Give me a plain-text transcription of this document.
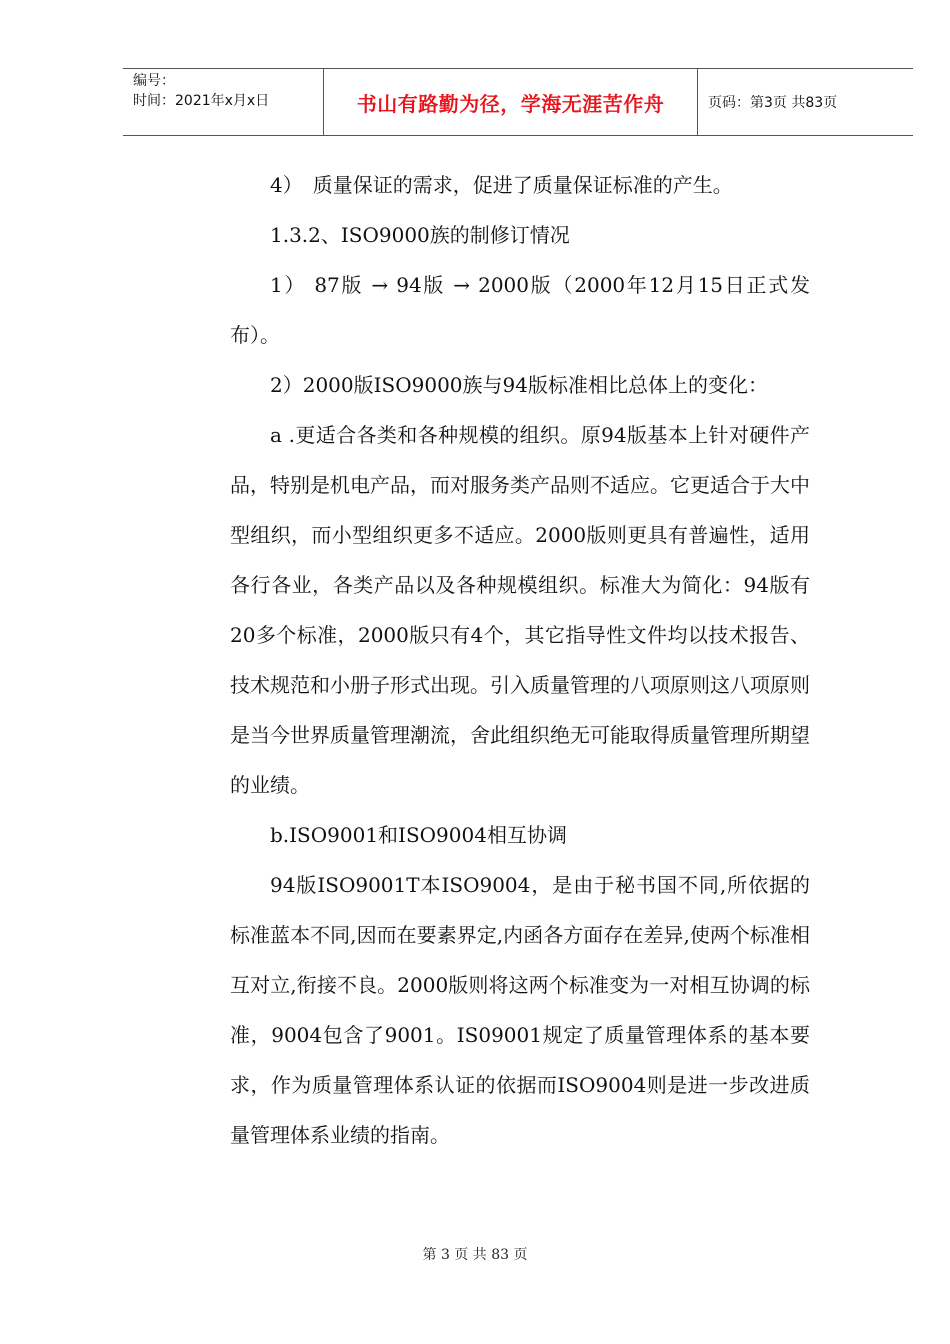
编号：
时间：2021年x月x日	书山有路勤为径，学海无涯苦作舟	页码：第3页 共83页

4）　质量保证的需求，促进了质量保证标准的产生。

1.3.2、ISO9000族的制修订情况

1） 87版 → 94版 → 2000版（2000年12月15日正式发布）。

2）2000版ISO9000族与94版标准相比总体上的变化：

a .更适合各类和各种规模的组织。原94版基本上针对硬件产品，特别是机电产品，而对服务类产品则不适应。它更适合于大中型组织，而小型组织更多不适应。2000版则更具有普遍性，适用各行各业，各类产品以及各种规模组织。标准大为简化：94版有20多个标准，2000版只有4个，其它指导性文件均以技术报告、技术规范和小册子形式出现。引入质量管理的八项原则这八项原则是当今世界质量管理潮流，舍此组织绝无可能取得质量管理所期望的业绩。

b.ISO9001和ISO9004相互协调

94版ISO9001T本ISO9004，是由于秘书国不同,所依据的标准蓝本不同,因而在要素界定,内函各方面存在差异,使两个标准相互对立,衔接不良。2000版则将这两个标准变为一对相互协调的标准，9004包含了9001。IS09001规定了质量管理体系的基本要求，作为质量管理体系认证的依据而ISO9004则是进一步改进质量管理体系业绩的指南。

第 3 页 共 83 页
